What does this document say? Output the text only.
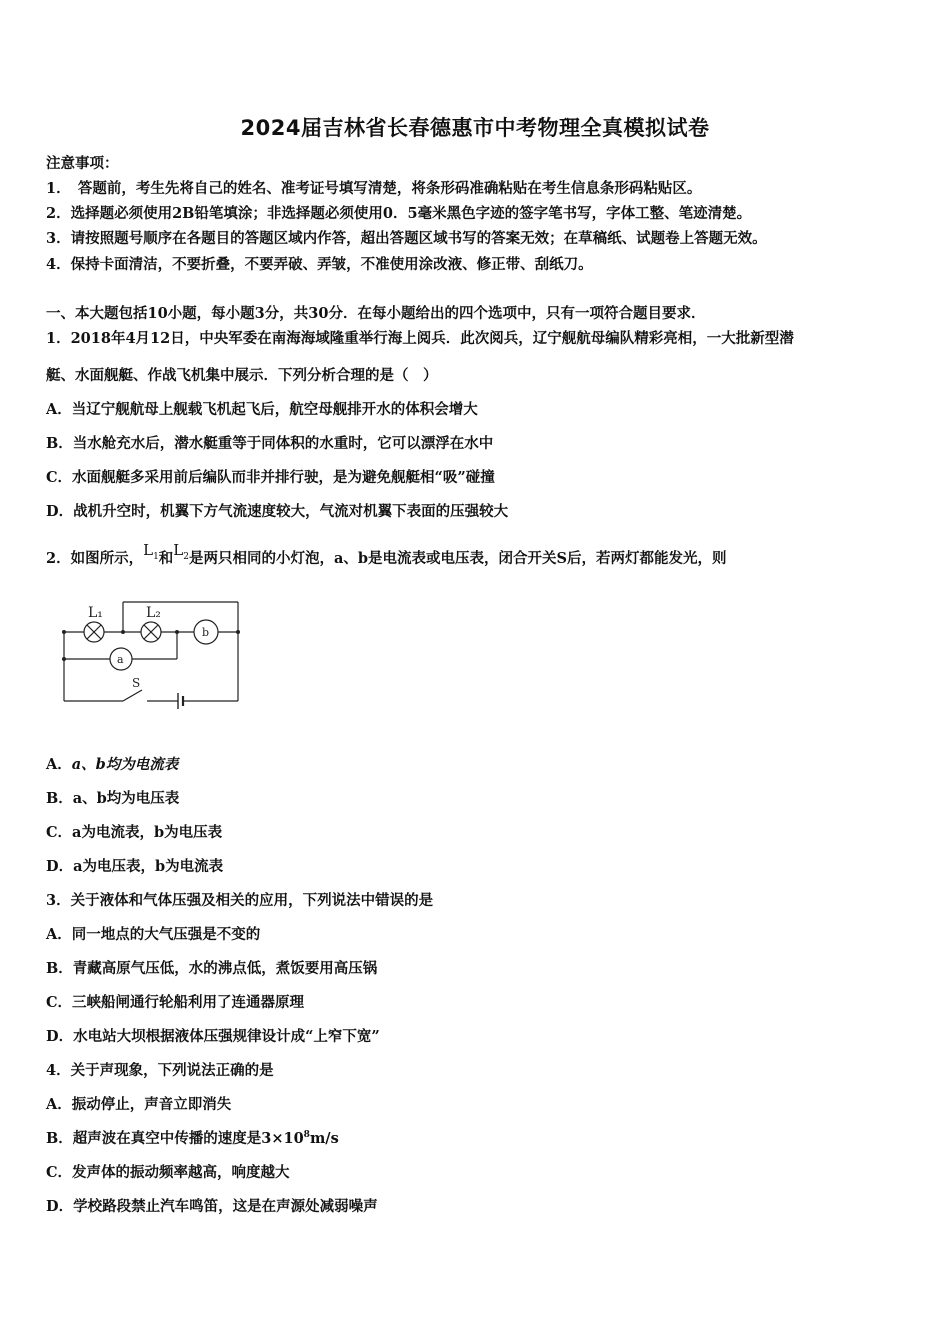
2024届吉林省长春德惠市中考物理全真模拟试卷
注意事项：
1．　答题前，考生先将自己的姓名、准考证号填写清楚，将条形码准确粘贴在考生信息条形码粘贴区。
2．选择题必须使用2B铅笔填涂；非选择题必须使用0．5毫米黑色字迹的签字笔书写，字体工整、笔迹清楚。
3．请按照题号顺序在各题目的答题区域内作答，超出答题区域书写的答案无效；在草稿纸、试题卷上答题无效。
4．保持卡面清洁，不要折叠，不要弄破、弄皱，不准使用涂改液、修正带、刮纸刀。
一、本大题包括10小题，每小题3分，共30分．在每小题给出的四个选项中，只有一项符合题目要求．
1．2018年4月12日，中央军委在南海海域隆重举行海上阅兵．此次阅兵，辽宁舰航母编队精彩亮相，一大批新型潜
艇、水面舰艇、作战飞机集中展示．下列分析合理的是（　）
A．当辽宁舰航母上舰载飞机起飞后，航空母舰排开水的体积会增大
B．当水舱充水后，潜水艇重等于同体积的水重时，它可以漂浮在水中
C．水面舰艇多采用前后编队而非并排行驶，是为避免舰艇相“吸”碰撞
D．战机升空时，机翼下方气流速度较大，气流对机翼下表面的压强较大
2．如图所示，$L_1$和$L_2$是两只相同的小灯泡，a、b是电流表或电压表，闭合开关S后，若两灯都能发光，则
L₁	L₂
b
a
S
A．a、b均为电流表
B．a、b均为电压表
C．a为电流表，b为电压表
D．a为电压表，b为电流表
3．关于液体和气体压强及相关的应用，下列说法中错误的是
A．同一地点的大气压强是不变的
B．青藏高原气压低，水的沸点低，煮饭要用高压锅
C．三峡船闸通行轮船利用了连通器原理
D．水电站大坝根据液体压强规律设计成“上窄下宽”
4．关于声现象，下列说法正确的是
A．振动停止，声音立即消失
B．超声波在真空中传播的速度是$3\times 10^8m/s$
C．发声体的振动频率越高，响度越大
D．学校路段禁止汽车鸣笛，这是在声源处减弱噪声
